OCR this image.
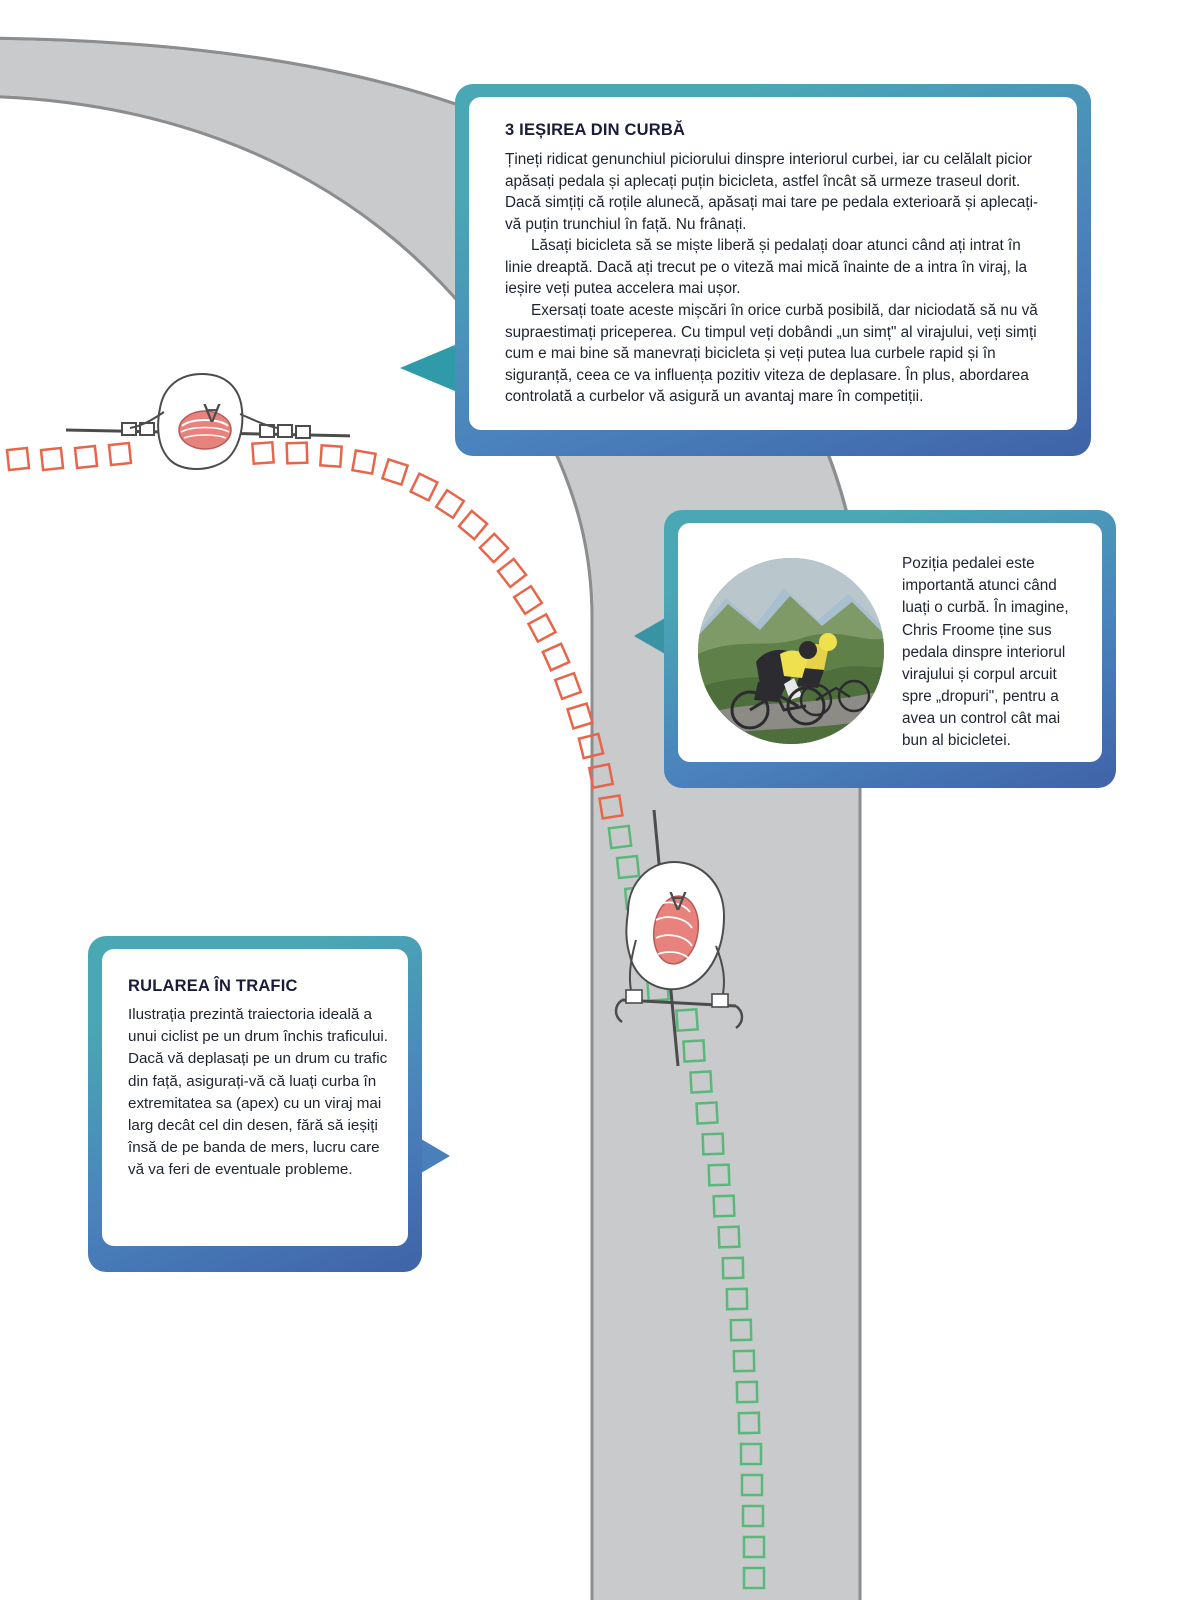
A
A
3 IEȘIREA DIN CURBĂ

Țineți ridicat genunchiul piciorului dinspre interiorul curbei, iar cu celălalt picior apăsați pedala și aplecați puțin bicicleta, astfel încât să urmeze traseul dorit. Dacă simțiți că roțile alunecă, apăsați mai tare pe pedala exterioară și aplecați-vă puțin trunchiul în față. Nu frânați.

Lăsați bicicleta să se miște liberă și pedalați doar atunci când ați intrat în linie dreaptă. Dacă ați trecut pe o viteză mai mică înainte de a intra în viraj, la ieșire veți putea accelera mai ușor.

Exersați toate aceste mișcări în orice curbă posibilă, dar niciodată să nu vă supraestimați priceperea. Cu timpul veți dobândi „un simț" al virajului, veți simți cum e mai bine să manevrați bicicleta și veți putea lua curbele rapid și în siguranță, ceea ce va influența pozitiv viteza de deplasare. În plus, abordarea controlată a curbelor vă asigură un avantaj mare în competiții.

Poziția pedalei este importantă atunci când luați o curbă. În imagine, Chris Froome ține sus pedala dinspre interiorul virajului și corpul arcuit spre „dropuri", pentru a avea un control cât mai bun al bicicletei.
RULAREA ÎN TRAFIC

Ilustrația prezintă traiectoria ideală a unui ciclist pe un drum închis traficului. Dacă vă deplasați pe un drum cu trafic din față, asigurați-vă că luați curba în extremitatea sa (apex) cu un viraj mai larg decât cel din desen, fără să ieșiți însă de pe banda de mers, lucru care vă va feri de eventuale probleme.
